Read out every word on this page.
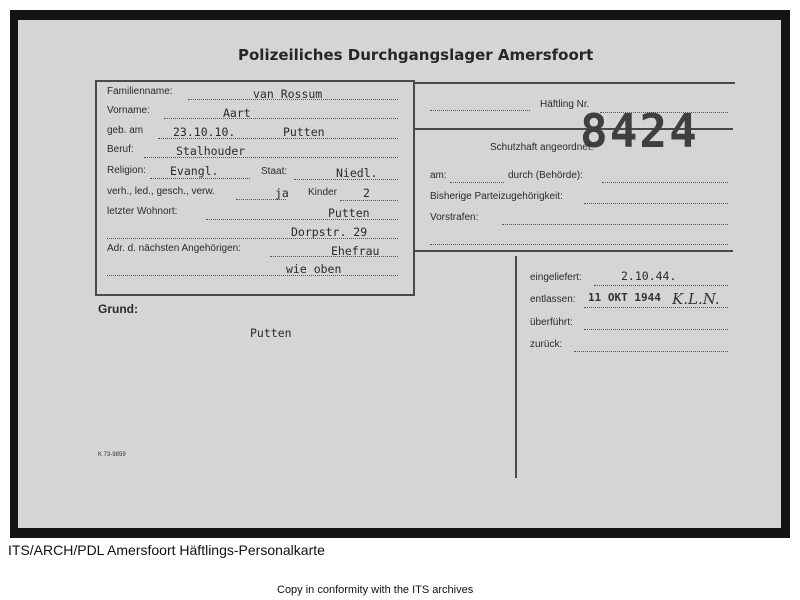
Polizeiliches Durchgangslager Amersfoort
Familienname:	van Rossum
Vorname:	Aart
geb. am	23.10.10.	Putten
Beruf:	Stalhouder
Religion: Evangl.	Staat:	Niedl.
verh., led., gesch., verw.	ja Kinder 2
letzter Wohnort:	Putten
Dorpstr. 29
Adr. d. nächsten Angehörigen:	Ehefrau
wie oben
Häftling Nr.
8424
Schutzhaft angeordnet:
am:	durch (Behörde):
Bisherige Parteizugehörigkeit:
Vorstrafen:
eingeliefert:	2.10.44.
entlassen: 11 OKT 1944 K.L.N.
überführt:
zurück:
Grund:
Putten
K 73-9859
ITS/ARCH/PDL Amersfoort Häftlings-Personalkarte
Copy in conformity with the ITS archives
